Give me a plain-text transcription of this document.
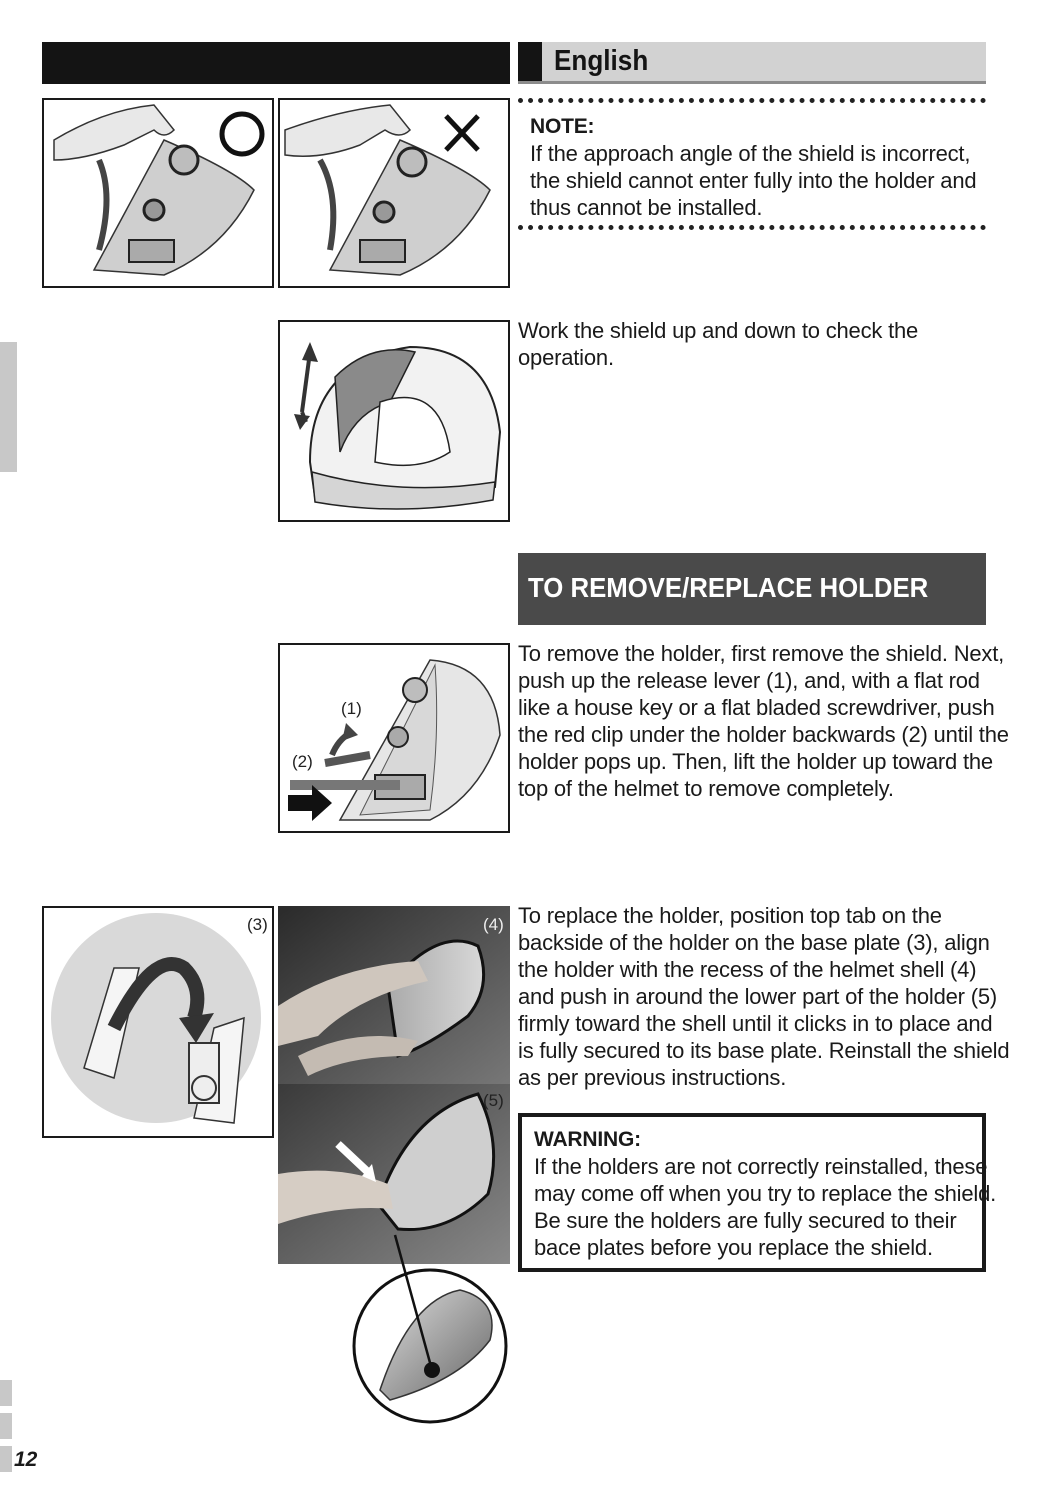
English
NOTE:
If the approach angle of the shield is incorrect,
the shield cannot enter fully into the holder and
thus cannot be installed.
Work the shield up and down to check the
operation.
TO REMOVE/REPLACE HOLDER
(1)
(2)
To remove the holder, first remove the shield. Next,
push up the release lever (1), and, with a flat rod
like a house key or a flat bladed screwdriver, push
the red clip under the holder backwards (2) until the
holder pops up. Then, lift the holder up toward the
top of the helmet to remove completely.
(3)	(4)
(5)
To replace the holder, position top tab on the
backside of the holder on the base plate (3), align
the holder with the recess of the helmet shell (4)
and push in around the lower part of the holder (5)
firmly toward the shell until it clicks in to place and
is fully secured to its base plate. Reinstall the shield
as per previous instructions.
WARNING:
If the holders are not correctly reinstalled, these
may come off when you try to replace the shield.
Be sure the holders are fully secured to their
bace plates before you replace the shield.
12
